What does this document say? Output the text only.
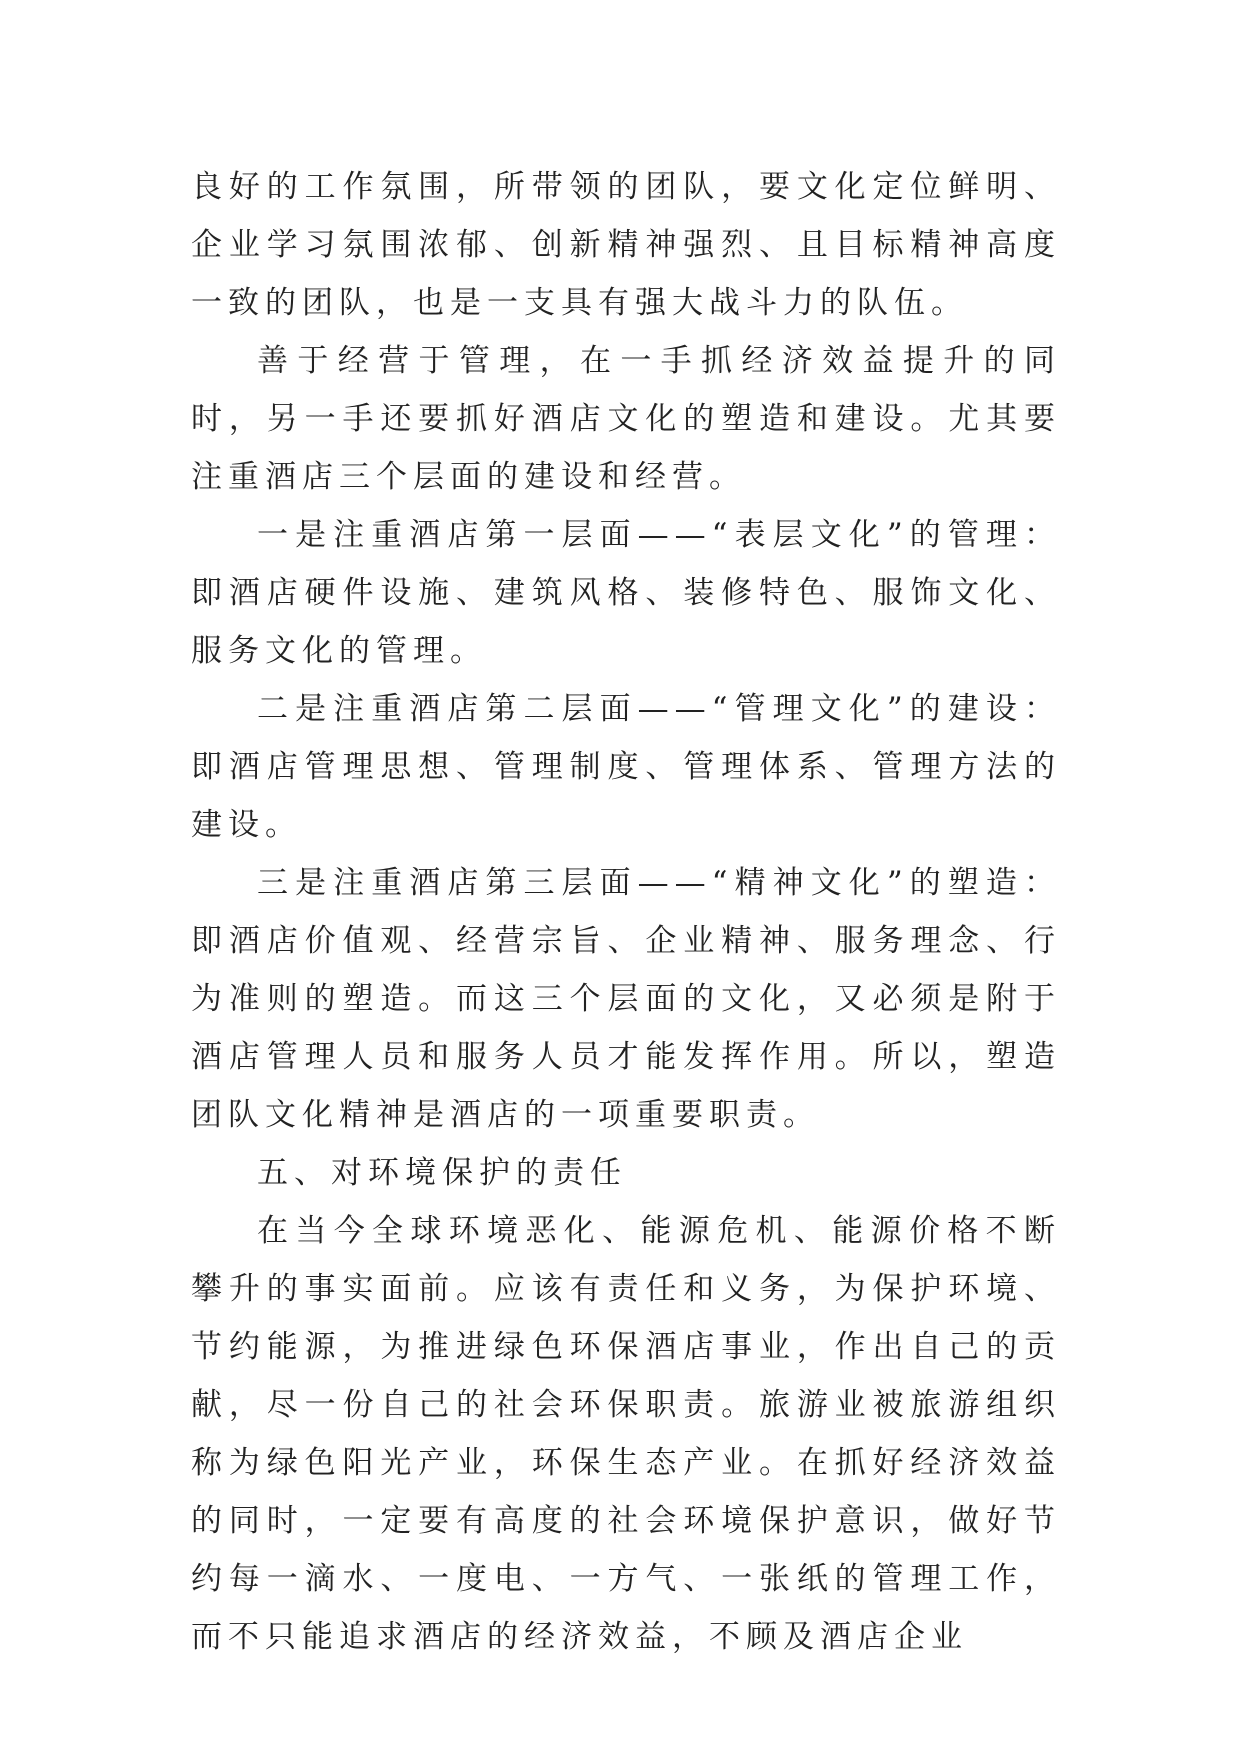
良好的工作氛围，所带领的团队，要文化定位鲜明、企业学习氛围浓郁、创新精神强烈、且目标精神高度一致的团队，也是一支具有强大战斗力的队伍。

善于经营于管理，在一手抓经济效益提升的同时，另一手还要抓好酒店文化的塑造和建设。尤其要注重酒店三个层面的建设和经营。

一是注重酒店第一层面——“表层文化”的管理：即酒店硬件设施、建筑风格、装修特色、服饰文化、服务文化的管理。

二是注重酒店第二层面——“管理文化”的建设：即酒店管理思想、管理制度、管理体系、管理方法的建设。

三是注重酒店第三层面——“精神文化”的塑造：即酒店价值观、经营宗旨、企业精神、服务理念、行为准则的塑造。而这三个层面的文化，又必须是附于酒店管理人员和服务人员才能发挥作用。所以，塑造团队文化精神是酒店的一项重要职责。

五、对环境保护的责任

在当今全球环境恶化、能源危机、能源价格不断攀升的事实面前。应该有责任和义务，为保护环境、节约能源，为推进绿色环保酒店事业，作出自己的贡献，尽一份自己的社会环保职责。旅游业被旅游组织称为绿色阳光产业，环保生态产业。在抓好经济效益的同时，一定要有高度的社会环境保护意识，做好节约每一滴水、一度电、一方气、一张纸的管理工作，而不只能追求酒店的经济效益，不顾及酒店企业
